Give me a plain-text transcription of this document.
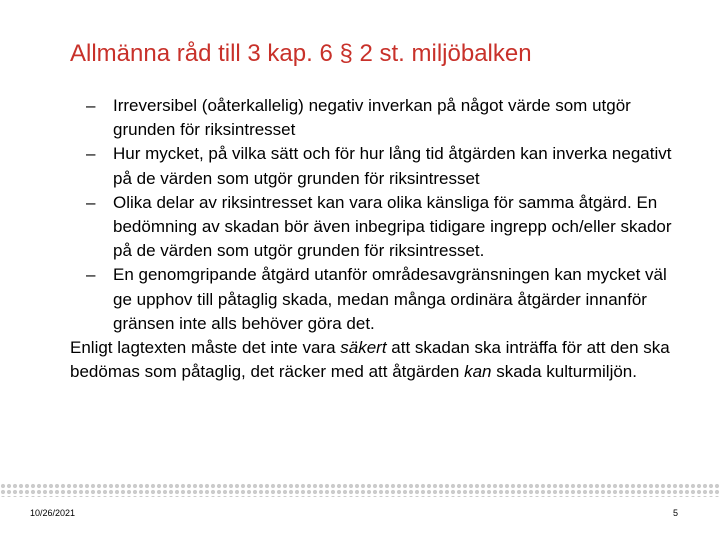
Allmänna råd till 3 kap. 6 § 2 st. miljöbalken
– Irreversibel (oåterkallelig) negativ inverkan på något värde som utgör grunden för riksintresset
– Hur mycket, på vilka sätt och för hur lång tid åtgärden kan inverka negativt på de värden som utgör grunden för riksintresset
– Olika delar av riksintresset kan vara olika känsliga för samma åtgärd. En bedömning av skadan bör även inbegripa tidigare ingrepp och/eller skador på de värden som utgör grunden för riksintresset.
– En genomgripande åtgärd utanför områdesavgränsningen kan mycket väl ge upphov till påtaglig skada, medan många ordinära åtgärder innanför gränsen inte alls behöver göra det.

Enligt lagtexten måste det inte vara säkert att skadan ska inträffa för att den ska bedömas som påtaglig, det räcker med att åtgärden kan skada kulturmiljön.

10/26/2021	5
